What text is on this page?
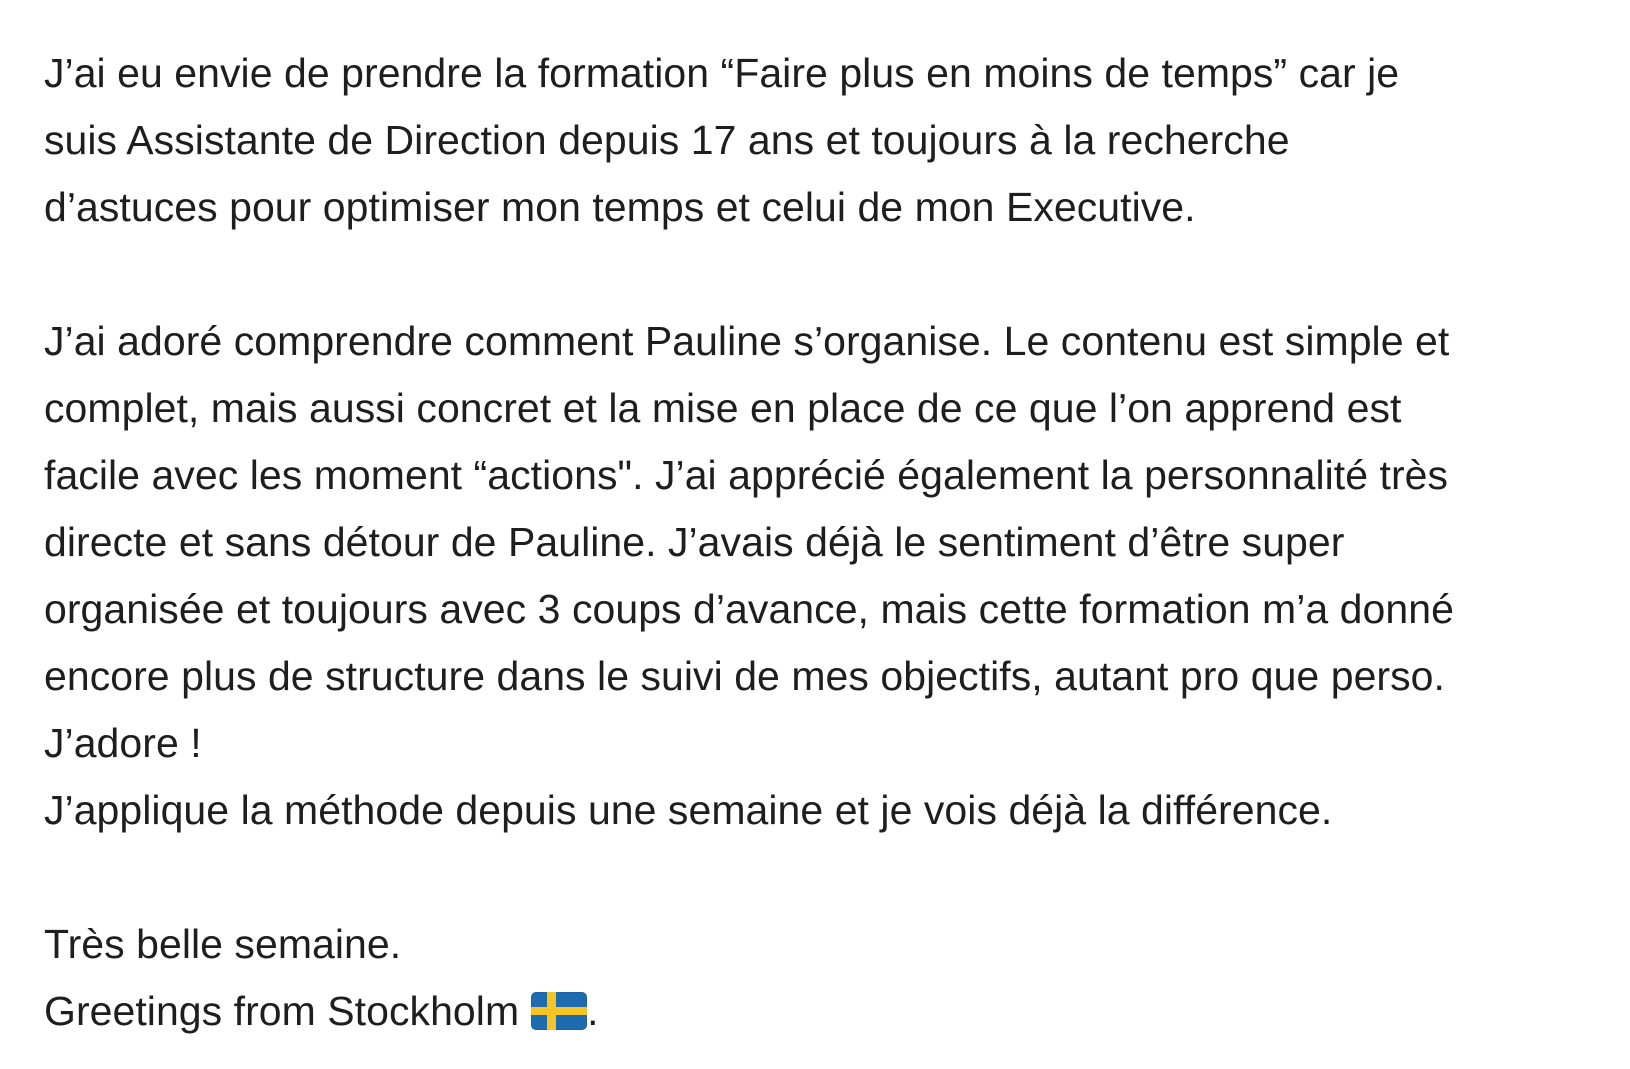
J’ai eu envie de prendre la formation “Faire plus en moins de temps” car je
suis Assistante de Direction depuis 17 ans et toujours à la recherche
d’astuces pour optimiser mon temps et celui de mon Executive.

J’ai adoré comprendre comment Pauline s’organise. Le contenu est simple et
complet, mais aussi concret et la mise en place de ce que l’on apprend est
facile avec les moment “actions". J’ai apprécié également la personnalité très
directe et sans détour de Pauline. J’avais déjà le sentiment d’être super
organisée et toujours avec 3 coups d’avance, mais cette formation m’a donné
encore plus de structure dans le suivi de mes objectifs, autant pro que perso.
J’adore !
J’applique la méthode depuis une semaine et je vois déjà la différence.

Très belle semaine.
Greetings from Stockholm .
